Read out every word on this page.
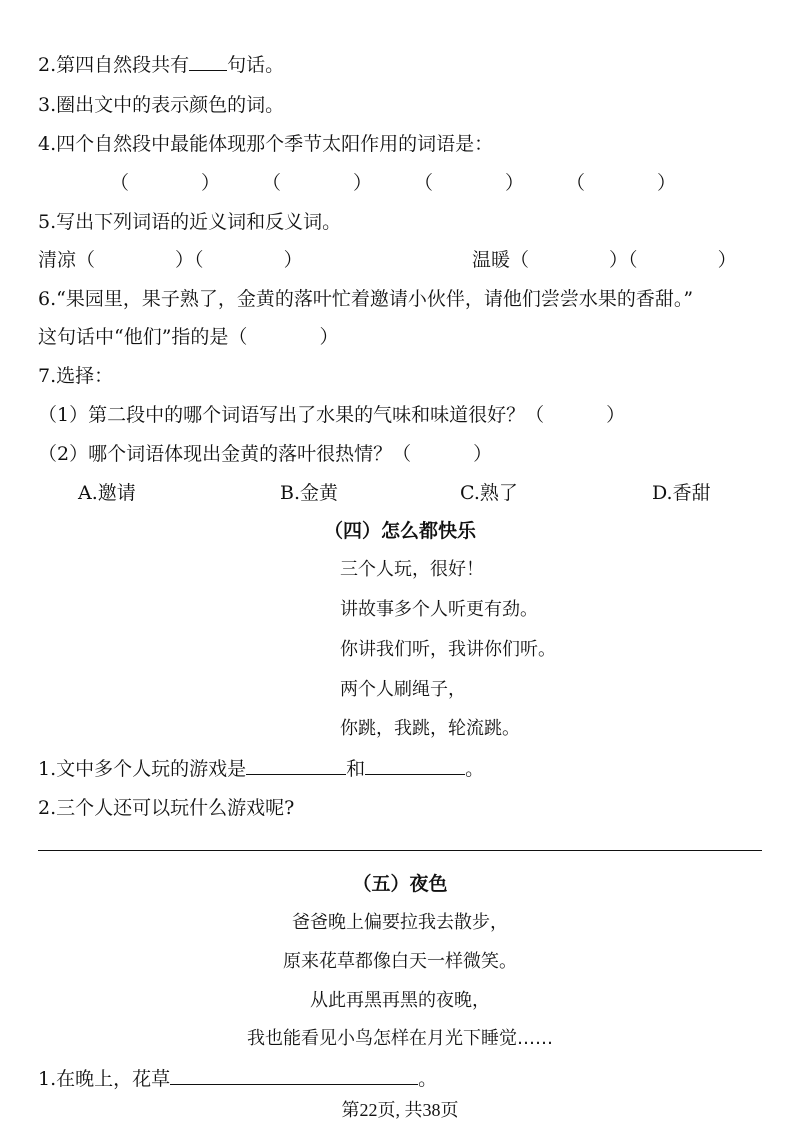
2.第四自然段共有 句话。
3.圈出文中的表示颜色的词。
4.四个自然段中最能体现那个季节太阳作用的词语是：
（	） （	） （	） （	）
5.写出下列词语的近义词和反义词。
清凉（	）（	）	温暖（	）（	）
6.“果园里，果子熟了，金黄的落叶忙着邀请小伙伴，请他们尝尝水果的香甜。”
这句话中“他们”指的是（	）
7.选择：
（1）第二段中的哪个词语写出了水果的气味和味道很好？（	）
（2）哪个词语体现出金黄的落叶很热情？（	）
A.邀请	B.金黄	C.熟了	D.香甜
（四）怎么都快乐
三个人玩，很好！
讲故事多个人听更有劲。
你讲我们听，我讲你们听。
两个人刷绳子，
你跳，我跳，轮流跳。
1.文中多个人玩的游戏是	和	。
2.三个人还可以玩什么游戏呢?
（五）夜色
爸爸晚上偏要拉我去散步，
原来花草都像白天一样微笑。
从此再黑再黑的夜晚，
我也能看见小鸟怎样在月光下睡觉……
1.在晚上，花草	。
第22页, 共38页
